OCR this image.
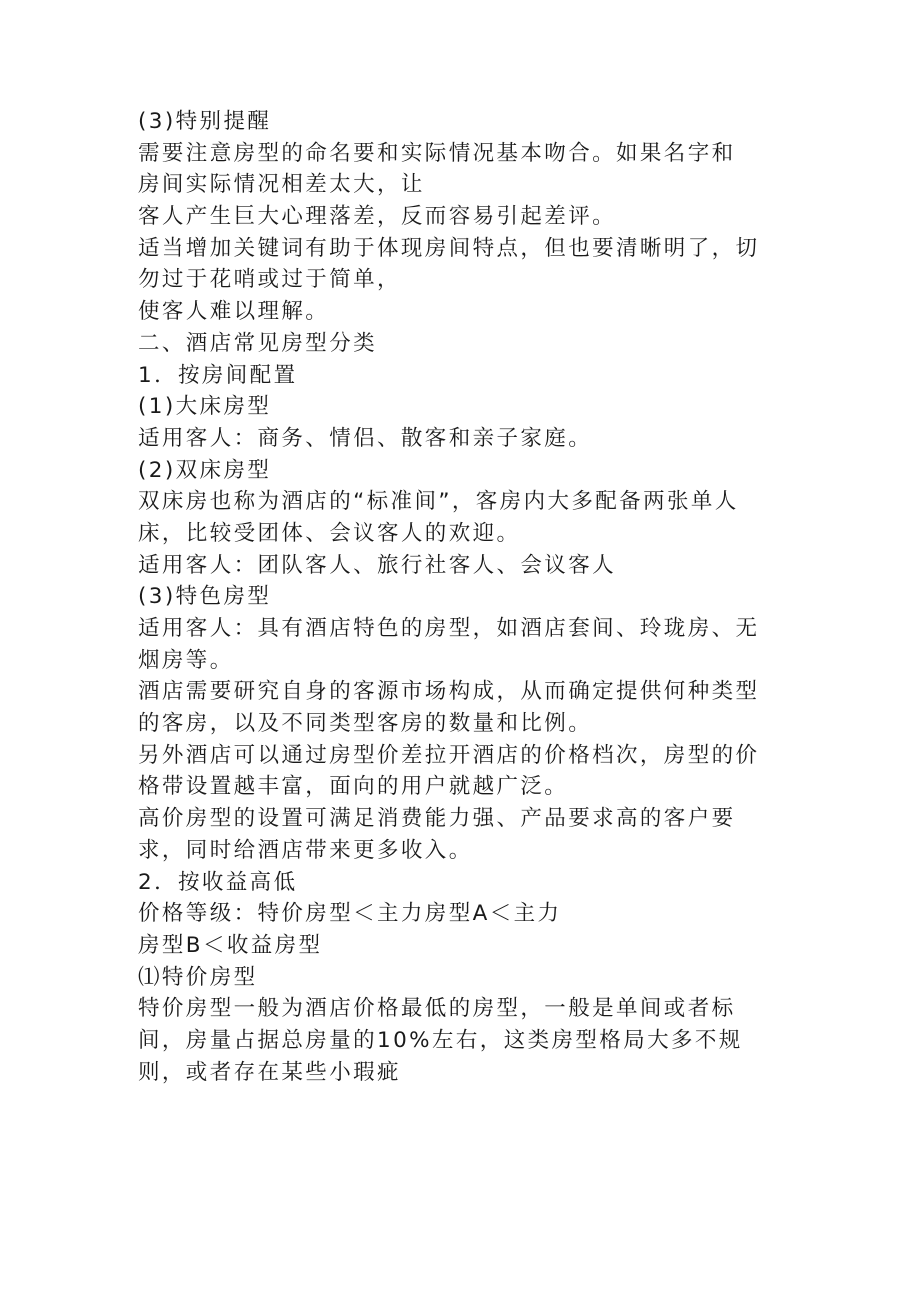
(3)特别提醒
需要注意房型的命名要和实际情况基本吻合。如果名字和
房间实际情况相差太大，让
客人产生巨大心理落差，反而容易引起差评。
适当增加关键词有助于体现房间特点，但也要清晰明了，切
勿过于花哨或过于简单，
使客人难以理解。
二、酒店常见房型分类
1．按房间配置
(1)大床房型
适用客人：商务、情侣、散客和亲子家庭。
(2)双床房型
双床房也称为酒店的“标准间”，客房内大多配备两张单人
床，比较受团体、会议客人的欢迎。
适用客人：团队客人、旅行社客人、会议客人
(3)特色房型
适用客人：具有酒店特色的房型，如酒店套间、玲珑房、无
烟房等。
酒店需要研究自身的客源市场构成，从而确定提供何种类型
的客房，以及不同类型客房的数量和比例。
另外酒店可以通过房型价差拉开酒店的价格档次，房型的价
格带设置越丰富，面向的用户就越广泛。
高价房型的设置可满足消费能力强、产品要求高的客户要
求，同时给酒店带来更多收入。
2．按收益高低
价格等级：特价房型＜主力房型A＜主力
房型B＜收益房型
⑴特价房型
特价房型一般为酒店价格最低的房型，一般是单间或者标
间，房量占据总房量的10%左右，这类房型格局大多不规
则，或者存在某些小瑕疵
